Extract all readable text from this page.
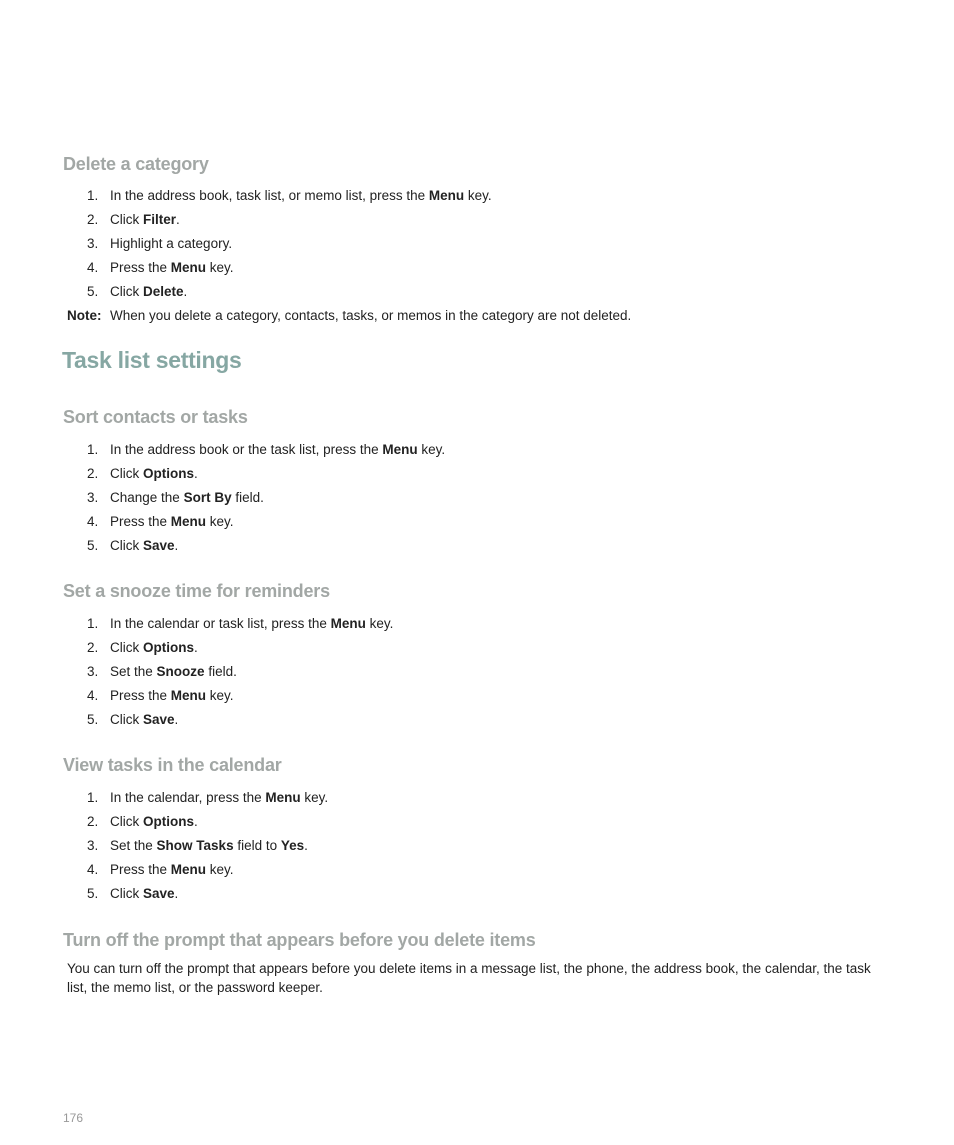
Delete a category
1. In the address book, task list, or memo list, press the Menu key.
2. Click Filter.
3. Highlight a category.
4. Press the Menu key.
5. Click Delete.
Note: When you delete a category, contacts, tasks, or memos in the category are not deleted.
Task list settings
Sort contacts or tasks
1. In the address book or the task list, press the Menu key.
2. Click Options.
3. Change the Sort By field.
4. Press the Menu key.
5. Click Save.
Set a snooze time for reminders
1. In the calendar or task list, press the Menu key.
2. Click Options.
3. Set the Snooze field.
4. Press the Menu key.
5. Click Save.
View tasks in the calendar
1. In the calendar, press the Menu key.
2. Click Options.
3. Set the Show Tasks field to Yes.
4. Press the Menu key.
5. Click Save.
Turn off the prompt that appears before you delete items

You can turn off the prompt that appears before you delete items in a message list, the phone, the address book, the calendar, the task list, the memo list, or the password keeper.

176
